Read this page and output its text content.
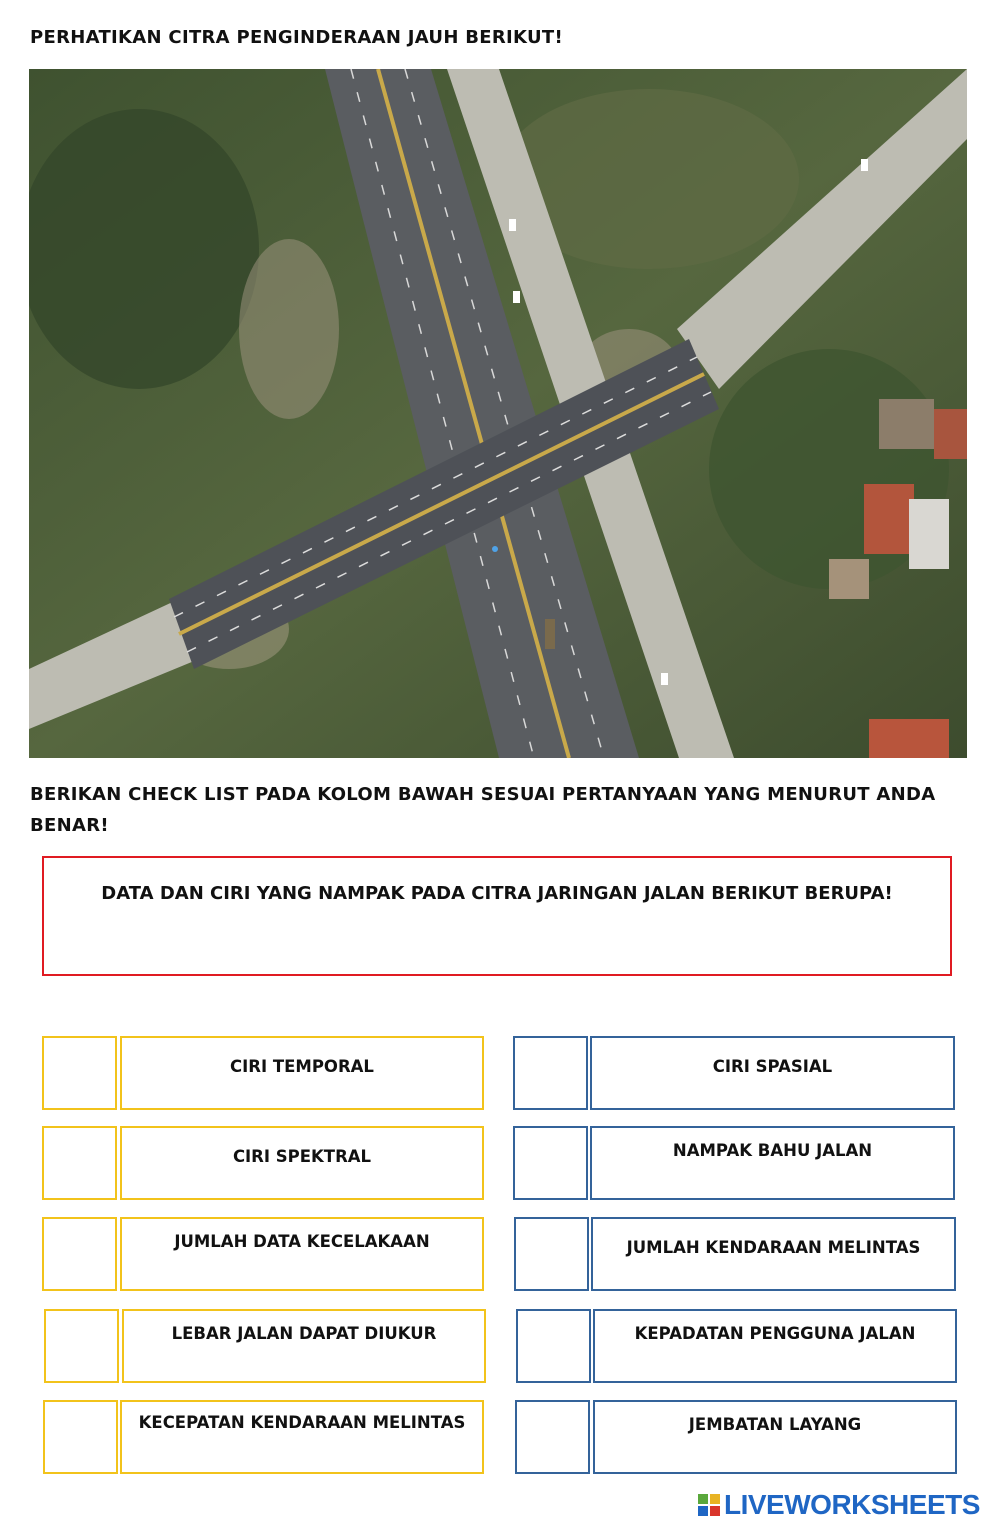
PERHATIKAN CITRA PENGINDERAAN JAUH BERIKUT!
BERIKAN CHECK LIST PADA KOLOM BAWAH SESUAI PERTANYAAN YANG MENURUT ANDA BENAR!
DATA DAN CIRI YANG NAMPAK PADA CITRA JARINGAN JALAN BERIKUT BERUPA!
CIRI TEMPORAL
CIRI SPEKTRAL
JUMLAH DATA KECELAKAAN
LEBAR JALAN DAPAT DIUKUR
KECEPATAN KENDARAAN MELINTAS
CIRI SPASIAL
NAMPAK BAHU JALAN
JUMLAH KENDARAAN MELINTAS
KEPADATAN PENGGUNA JALAN
JEMBATAN LAYANG
LIVEWORKSHEETS
